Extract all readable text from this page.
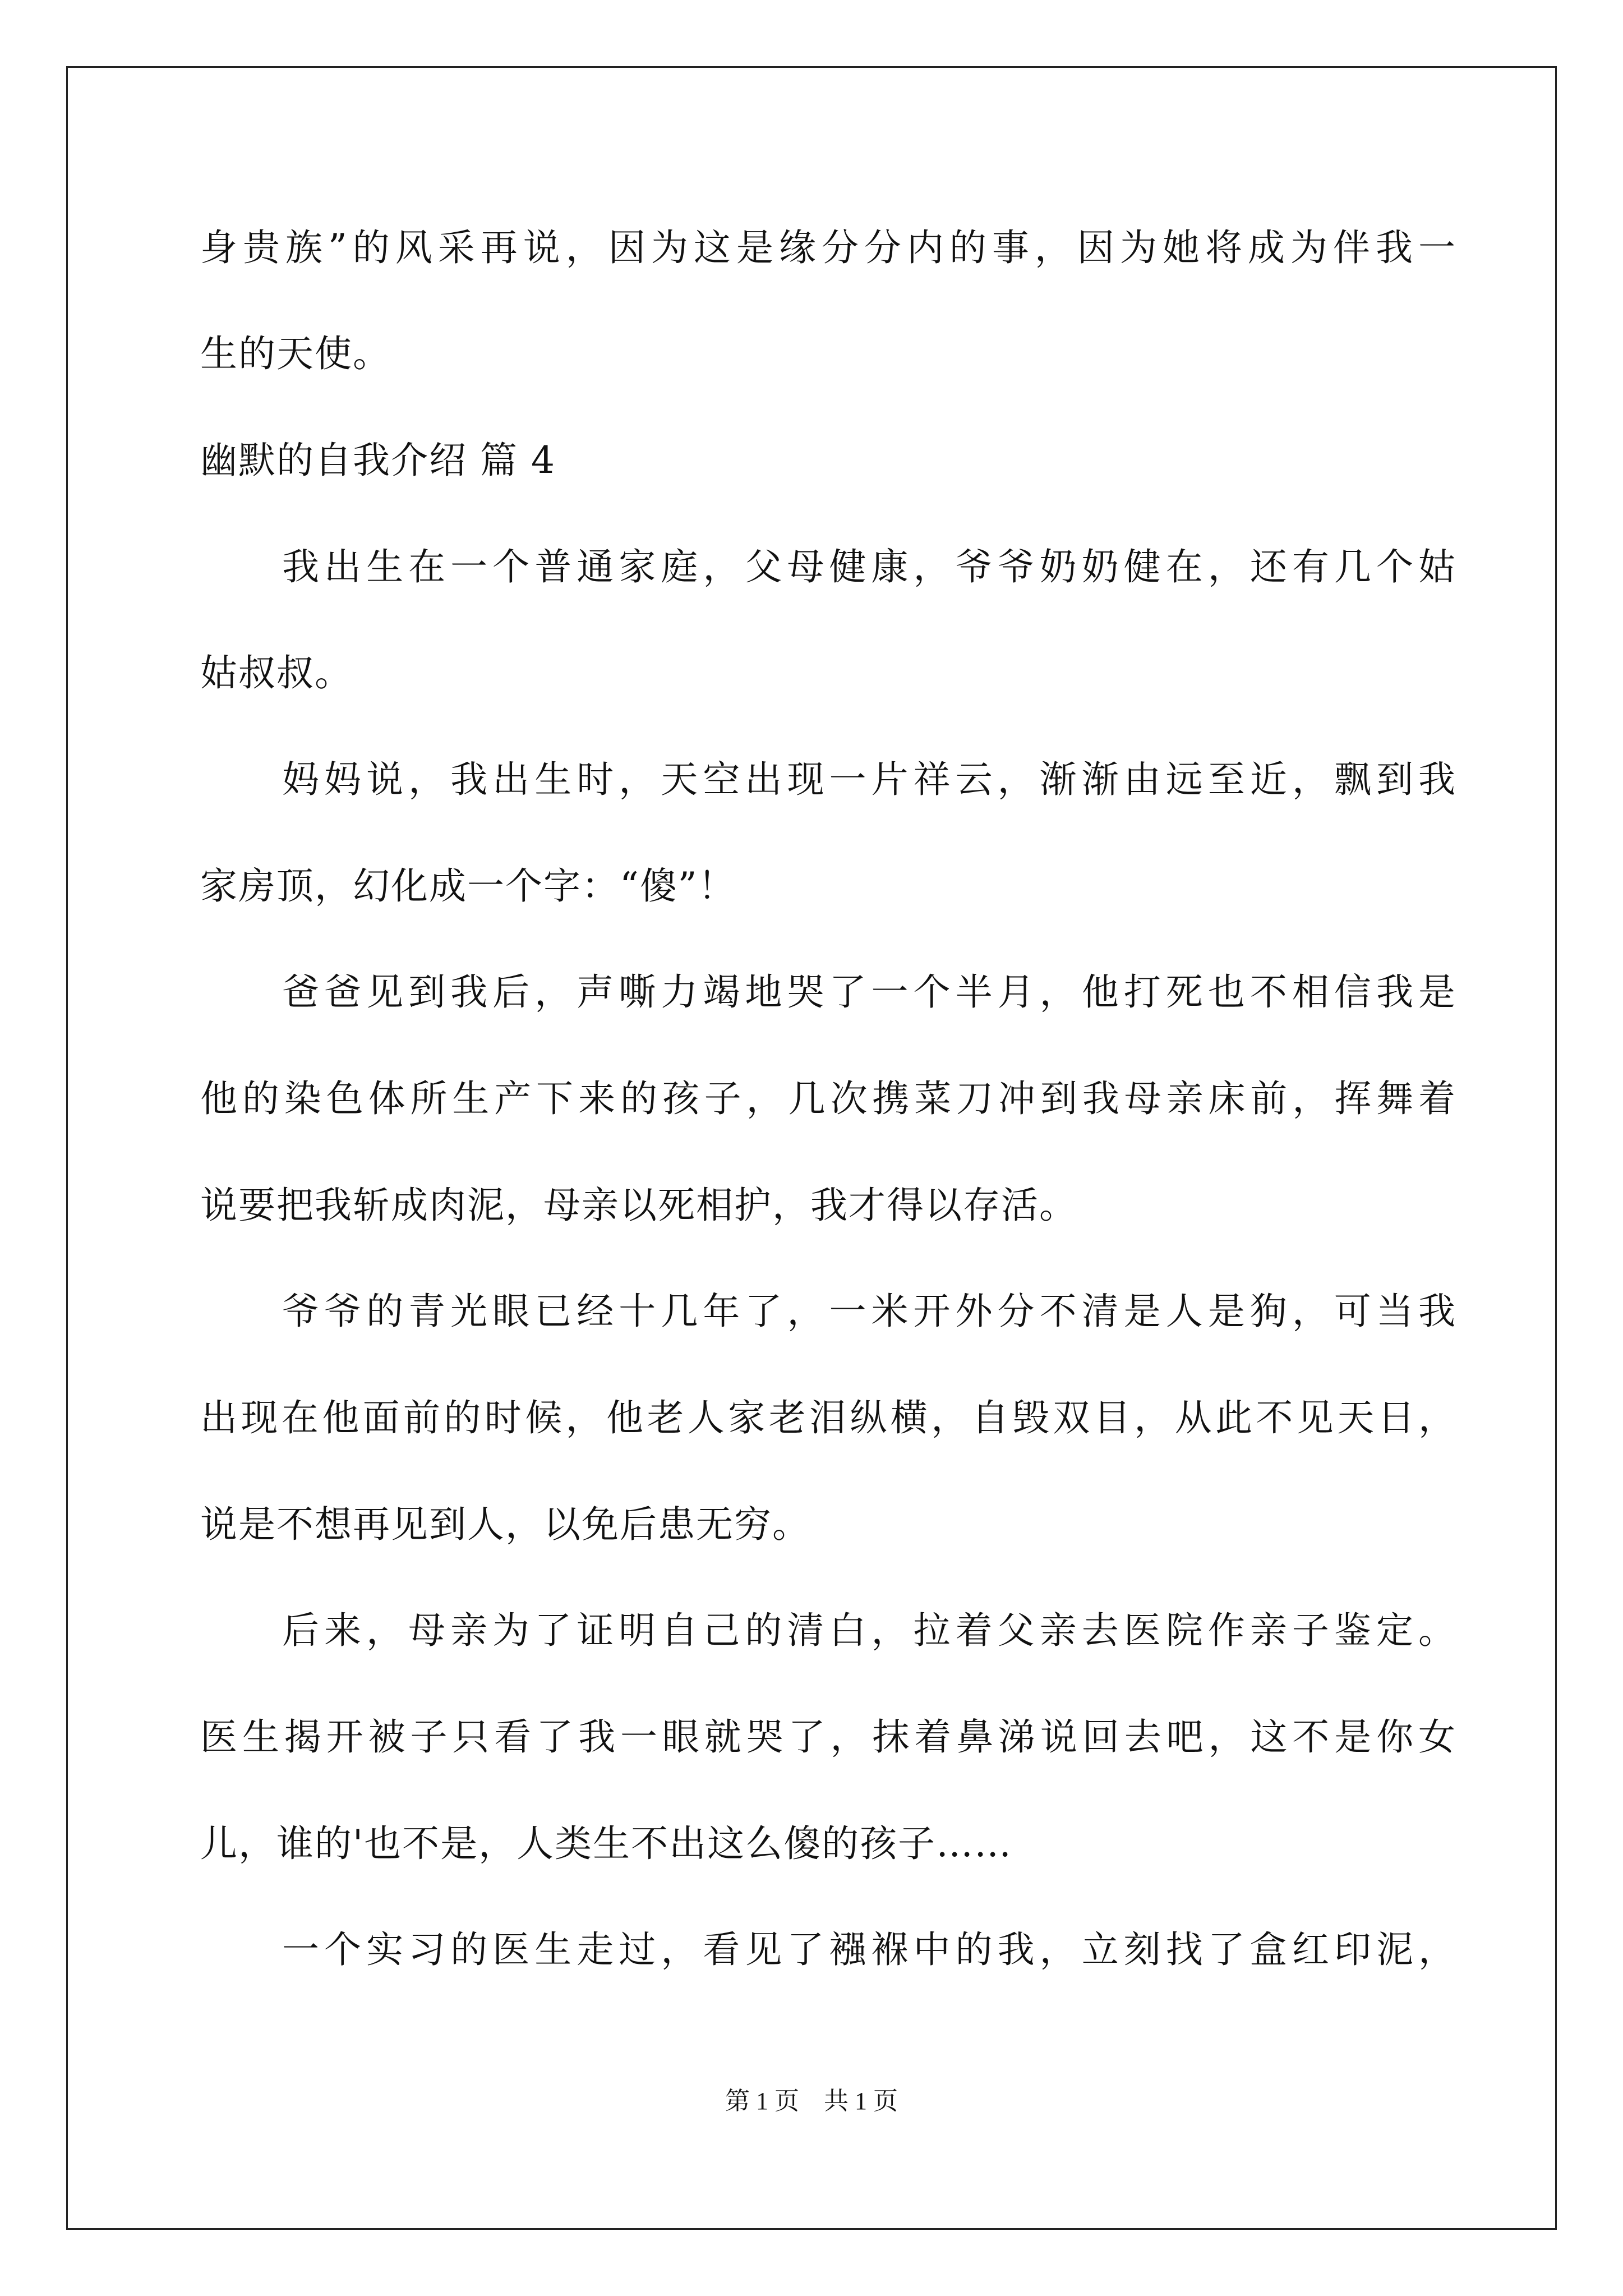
身贵族”的风采再说，因为这是缘分分内的事，因为她将成为伴我一
生的天使。
幽默的自我介绍 篇 4
我出生在一个普通家庭，父母健康，爷爷奶奶健在，还有几个姑
姑叔叔。
妈妈说，我出生时，天空出现一片祥云，渐渐由远至近，飘到我
家房顶，幻化成一个字：“傻”！
爸爸见到我后，声嘶力竭地哭了一个半月，他打死也不相信我是
他的染色体所生产下来的孩子，几次携菜刀冲到我母亲床前，挥舞着
说要把我斩成肉泥，母亲以死相护，我才得以存活。
爷爷的青光眼已经十几年了，一米开外分不清是人是狗，可当我
出现在他面前的时候，他老人家老泪纵横，自毁双目，从此不见天日，
说是不想再见到人，以免后患无穷。
后来，母亲为了证明自己的清白，拉着父亲去医院作亲子鉴定。
医生揭开被子只看了我一眼就哭了，抹着鼻涕说回去吧，这不是你女
儿，谁的'也不是，人类生不出这么傻的孩子……
一个实习的医生走过，看见了襁褓中的我，立刻找了盒红印泥，
第 1 页　共 1 页
